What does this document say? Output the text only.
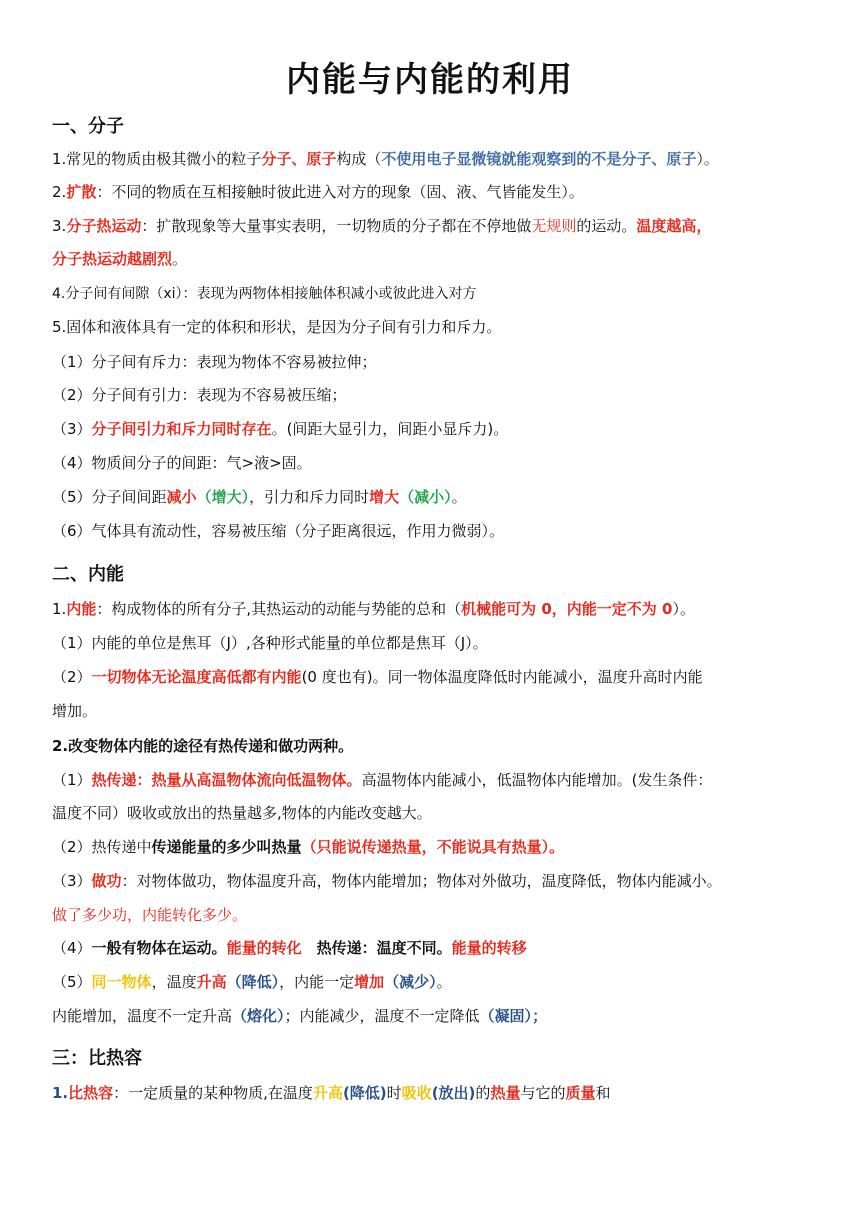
内能与内能的利用
一、分子
1.常见的物质由极其微小的粒子分子、原子构成（不使用电子显微镜就能观察到的不是分子、原子）。
2.扩散：不同的物质在互相接触时彼此进入对方的现象（固、液、气皆能发生）。
3.分子热运动：扩散现象等大量事实表明，一切物质的分子都在不停地做无规则的运动。温度越高，
分子热运动越剧烈。
4.分子间有间隙（xi）：表现为两物体相接触体积减小或彼此进入对方
5.固体和液体具有一定的体积和形状，是因为分子间有引力和斥力。
（1）分子间有斥力：表现为物体不容易被拉伸；
（2）分子间有引力：表现为不容易被压缩；
（3）分子间引力和斥力同时存在。(间距大显引力，间距小显斥力)。
（4）物质间分子的间距：气>液>固。
（5）分子间间距减小（增大），引力和斥力同时增大（减小）。
（6）气体具有流动性，容易被压缩（分子距离很远，作用力微弱）。
二、内能
1.内能：构成物体的所有分子,其热运动的动能与势能的总和（机械能可为 0，内能一定不为 0）。
（1）内能的单位是焦耳（J）,各种形式能量的单位都是焦耳（J）。
（2）一切物体无论温度高低都有内能(0 度也有)。同一物体温度降低时内能减小，温度升高时内能
增加。
2.改变物体内能的途径有热传递和做功两种。
（1）热传递：热量从高温物体流向低温物体。高温物体内能减小，低温物体内能增加。(发生条件：
温度不同）吸收或放出的热量越多,物体的内能改变越大。
（2）热传递中传递能量的多少叫热量（只能说传递热量，不能说具有热量）。
（3）做功：对物体做功，物体温度升高，物体内能增加；物体对外做功，温度降低，物体内能减小。
做了多少功，内能转化多少。
（4）一般有物体在运动。能量的转化　热传递：温度不同。能量的转移
（5）同一物体，温度升高（降低），内能一定增加（减少）。
内能增加，温度不一定升高（熔化）；内能减少，温度不一定降低（凝固）；
三：比热容
1.比热容：一定质量的某种物质,在温度升高(降低)时吸收(放出)的热量与它的质量和
